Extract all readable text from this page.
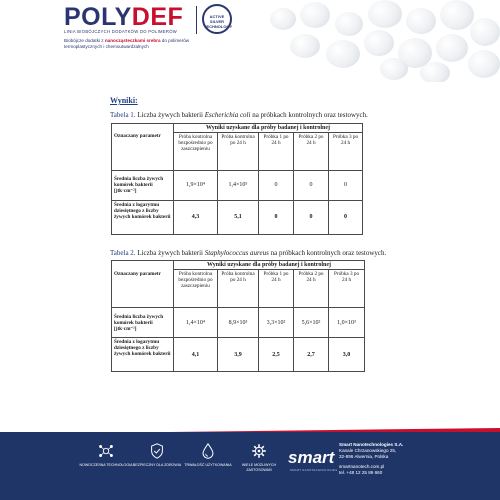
POLYDEF
LINIA BIOBÓJCZYCH DODATKÓW DO POLIMERÓW
ACTIVE SILVER TECHNOLOGY
Biobójcze dodatki z nanocząsteczkami srebra do polimerów termoplastycznych i chemoutwardzalnych
Wyniki:

Tabela 1. Liczba żywych bakterii Escherichia coli na próbkach kontrolnych oraz testowych.

	Wyniki uzyskane dla próby badanej i kontrolnej				
Oznaczany parametr	Próba kontrolna bezpośrednio po zaszczepieniu	Próba kontrolna po 24 h	Próbka 1 po 24 h	Próbka 2 po 24 h	Próbka 3 po 24 h
Średnia liczba żywych komórek bakterii [jtk·cm⁻²]	1,9×10⁴	1,4×10⁵	0	0	0
Średnia z logarytmu dziesiętnego z liczby żywych komórek bakterii	4,3	5,1	0	0	0

Tabela 2. Liczba żywych bakterii Staphylococcus aureus na próbkach kontrolnych oraz testowych.

	Wyniki uzyskane dla próby badanej i kontrolnej				
Oznaczany parametr	Próba kontrolna bezpośrednio po zaszczepieniu	Próba kontrolna po 24 h	Próbka 1 po 24 h	Próbka 2 po 24 h	Próbka 3 po 24 h
Średnia liczba żywych komórek bakterii [jtk·cm⁻²]	1,4×10⁴	8,9×10³	3,3×10²	5,6×10²	1,0×10³
Średnia z logarytmu dziesiętnego z liczby żywych komórek bakterii	4,1	3,9	2,5	2,7	3,0
NOWOCZESNA TECHNOLOGIA BEZPIECZNY DLA ZDROWIA TRWAŁOŚĆ UŻYTKOWANIA	WIELE MOŻLIWYCH ZASTOSOWAŃ
smart
SMART NANOTECHNOLOGIES
Smart Nanotechnologies S.A.
Kanale Chrzanowskiego 25,
32-896 Alwernia, Polska
smartnanotech.com.pl
tel. +48 12 25 89 660
